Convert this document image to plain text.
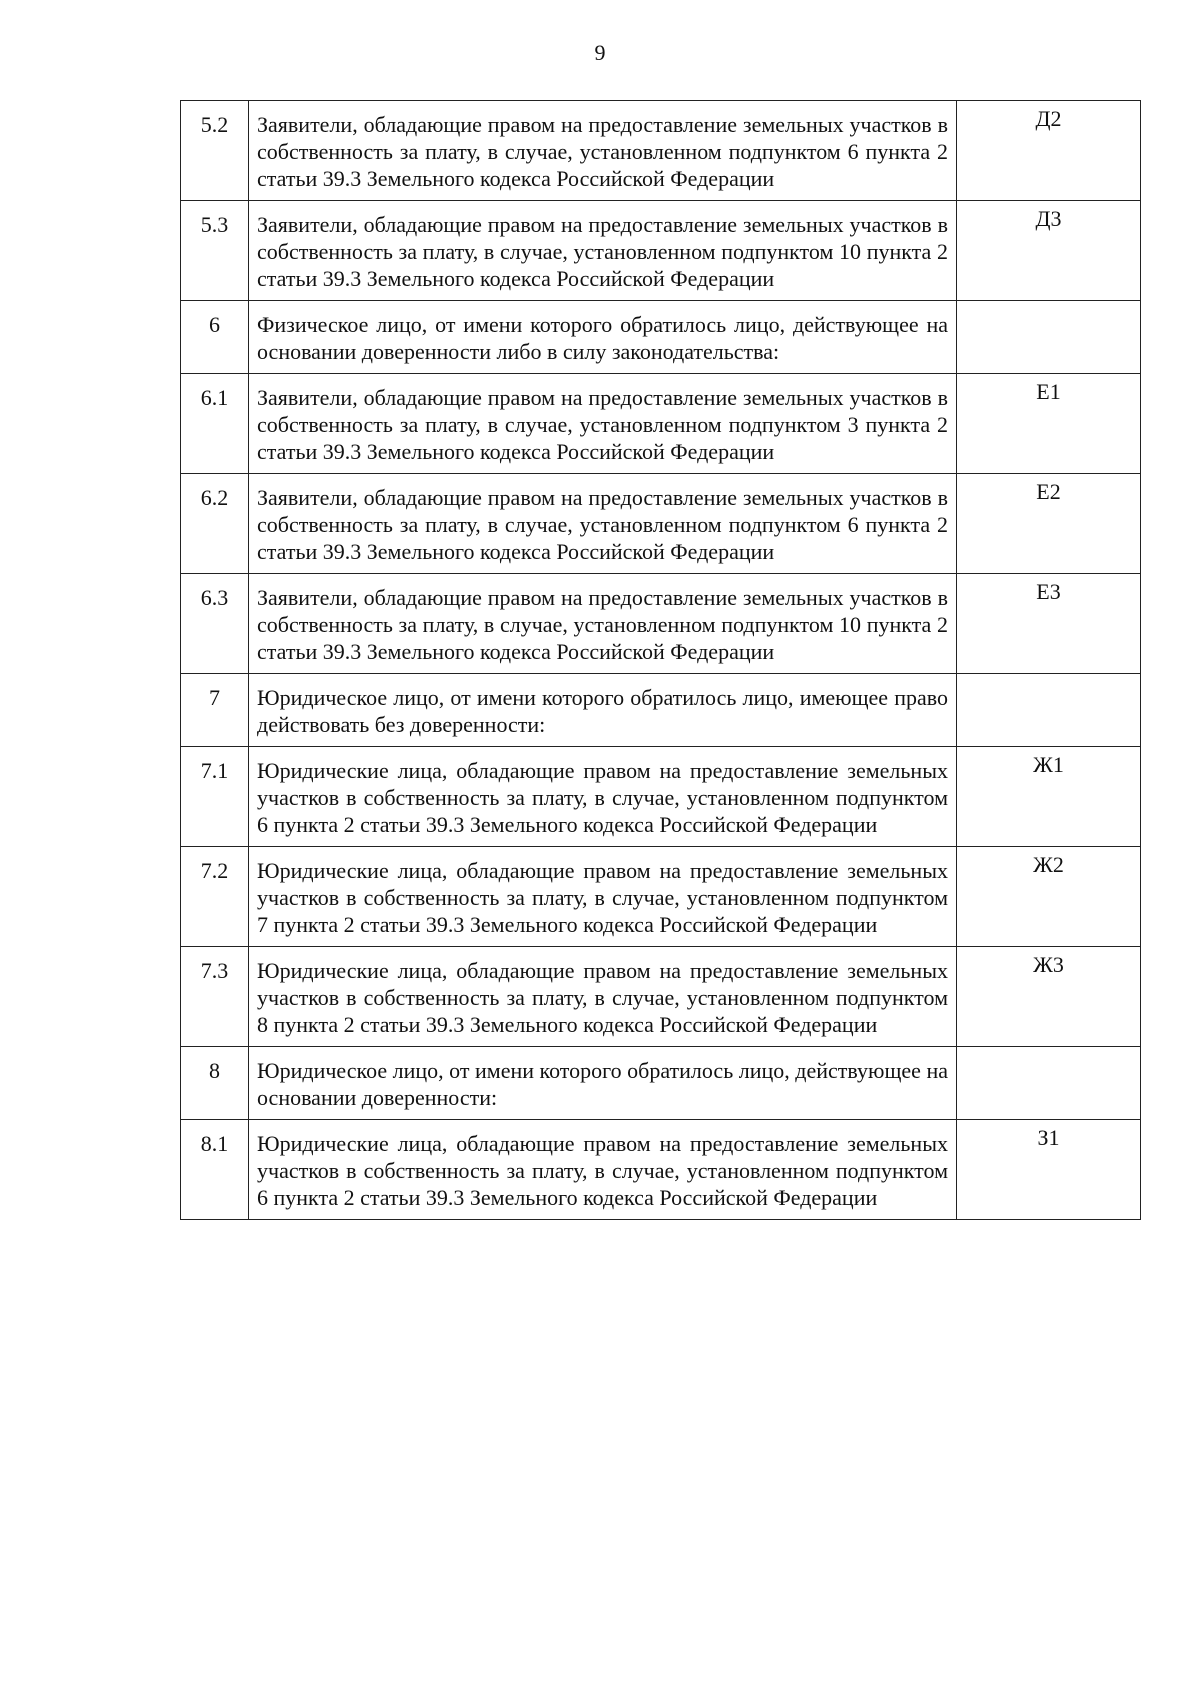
9
5.2	Заявители, обладающие правом на предоставление земельных участков в собственность за плату, в случае, установленном подпунктом 6 пункта 2 статьи 39.3 Земельного кодекса Российской Федерации	Д2
5.3	Заявители, обладающие правом на предоставление земельных участков в собственность за плату, в случае, установленном подпунктом 10 пункта 2 статьи 39.3 Земельного кодекса Российской Федерации	Д3
6	Физическое лицо, от имени которого обратилось лицо, действующее на основании доверенности либо в силу законодательства:	
6.1	Заявители, обладающие правом на предоставление земельных участков в собственность за плату, в случае, установленном подпунктом 3 пункта 2 статьи 39.3 Земельного кодекса Российской Федерации	Е1
6.2	Заявители, обладающие правом на предоставление земельных участков в собственность за плату, в случае, установленном подпунктом 6 пункта 2 статьи 39.3 Земельного кодекса Российской Федерации	Е2
6.3	Заявители, обладающие правом на предоставление земельных участков в собственность за плату, в случае, установленном подпунктом 10 пункта 2 статьи 39.3 Земельного кодекса Российской Федерации	Е3
7	Юридическое лицо, от имени которого обратилось лицо, имеющее право действовать без доверенности:	
7.1	Юридические лица, обладающие правом на предоставление земельных участков в собственность за плату, в случае, установленном подпунктом 6 пункта 2 статьи 39.3 Земельного кодекса Российской Федерации	Ж1
7.2	Юридические лица, обладающие правом на предоставление земельных участков в собственность за плату, в случае, установленном подпунктом 7 пункта 2 статьи 39.3 Земельного кодекса Российской Федерации	Ж2
7.3	Юридические лица, обладающие правом на предоставление земельных участков в собственность за плату, в случае, установленном подпунктом 8 пункта 2 статьи 39.3 Земельного кодекса Российской Федерации	Ж3
8	Юридическое лицо, от имени которого обратилось лицо, действующее на основании доверенности:	
8.1	Юридические лица, обладающие правом на предоставление земельных участков в собственность за плату, в случае, установленном подпунктом 6 пункта 2 статьи 39.3 Земельного кодекса Российской Федерации	З1
